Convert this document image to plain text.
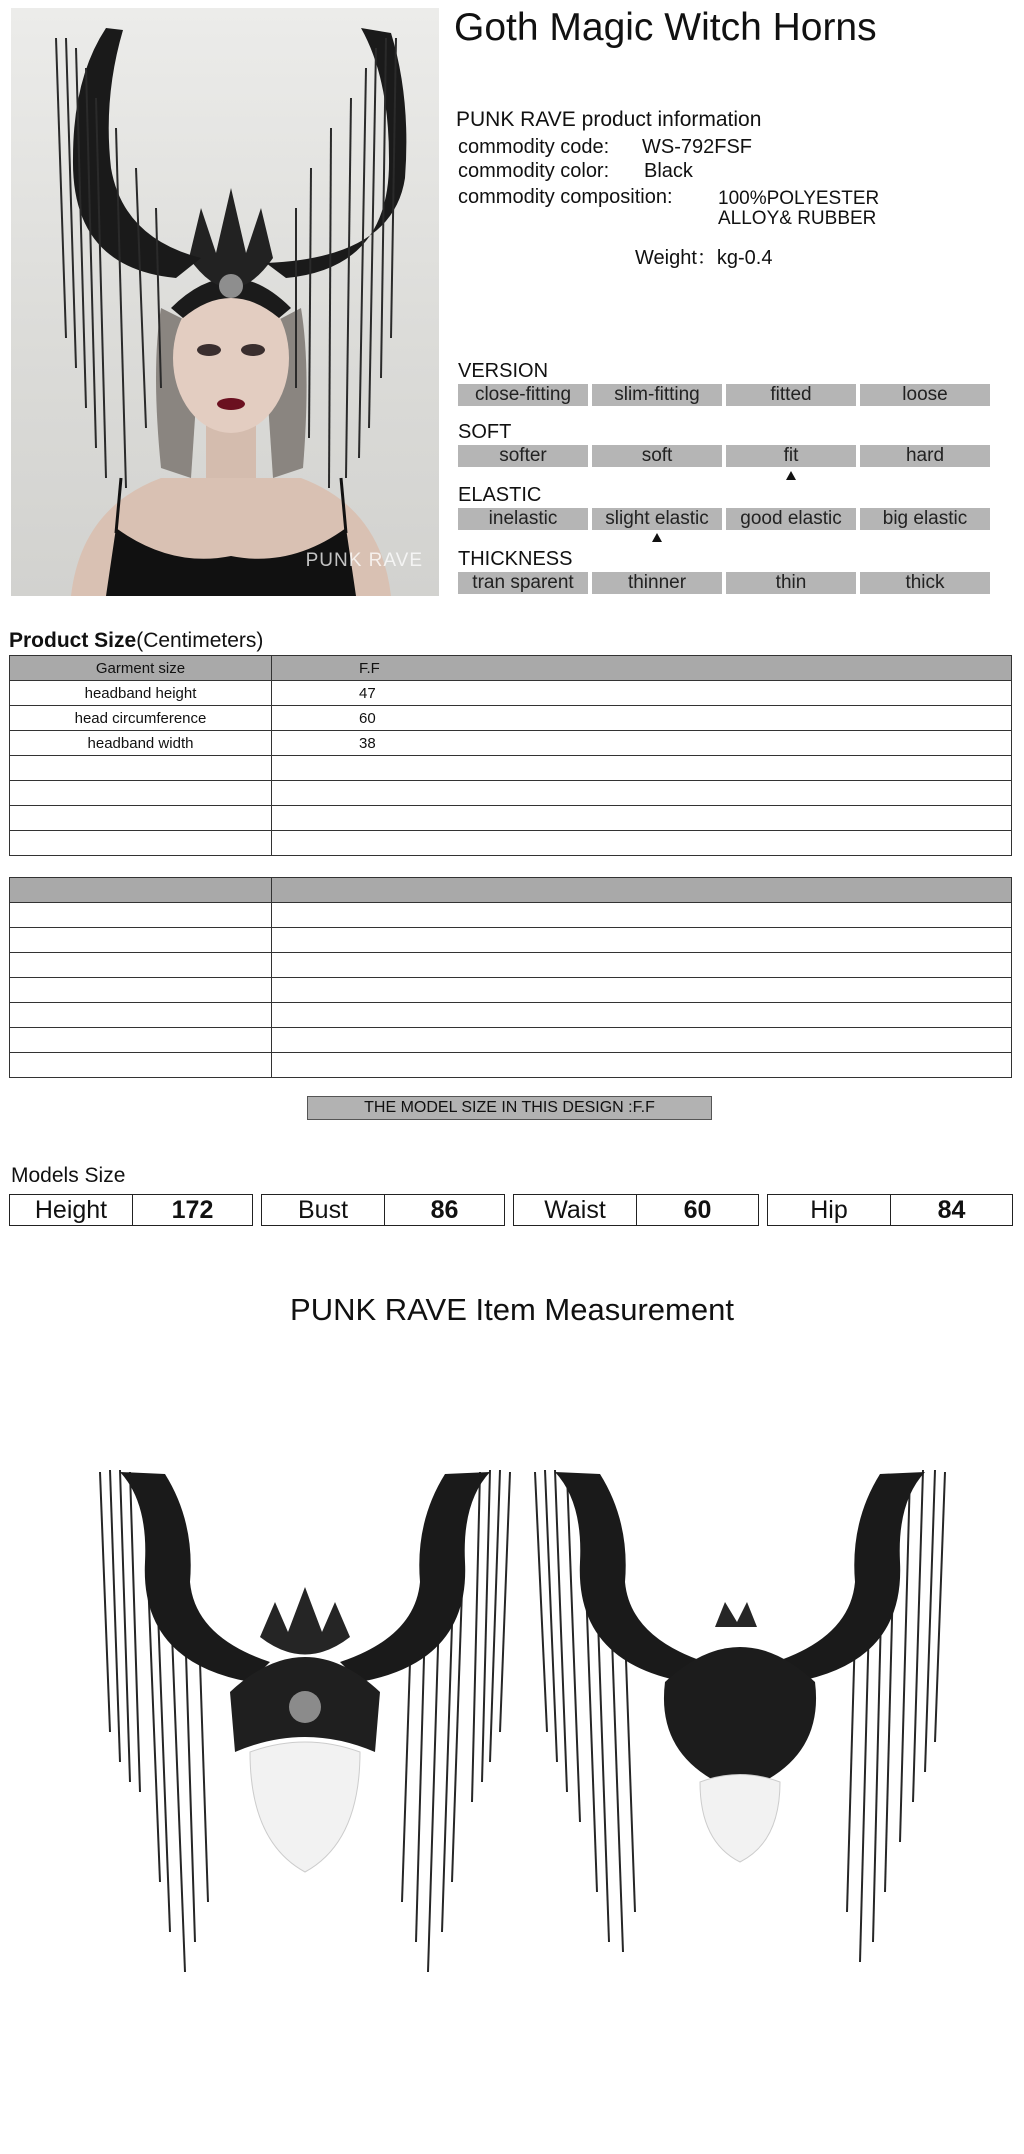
PUNK RAVE
Goth Magic Witch Horns
PUNK RAVE product information
commodity code: WS-792FSF
commodity color: Black
commodity composition: 100%POLYESTER
ALLOY& RUBBER
Weight：kg-0.4
VERSION
close-fitting	slim-fitting	fitted	loose
SOFT
softer	soft	fit	hard
ELASTIC
inelastic	slight elastic	good elastic	big elastic
THICKNESS
tran sparent	thinner	thin	thick
Product Size(Centimeters)
Garment size	F.F
headband height	47
head circumference	60
headband width	38

THE MODEL SIZE IN THIS DESIGN :F.F
Models Size
Height	172	Bust	86	Waist	60	Hip	84
PUNK RAVE Item Measurement
